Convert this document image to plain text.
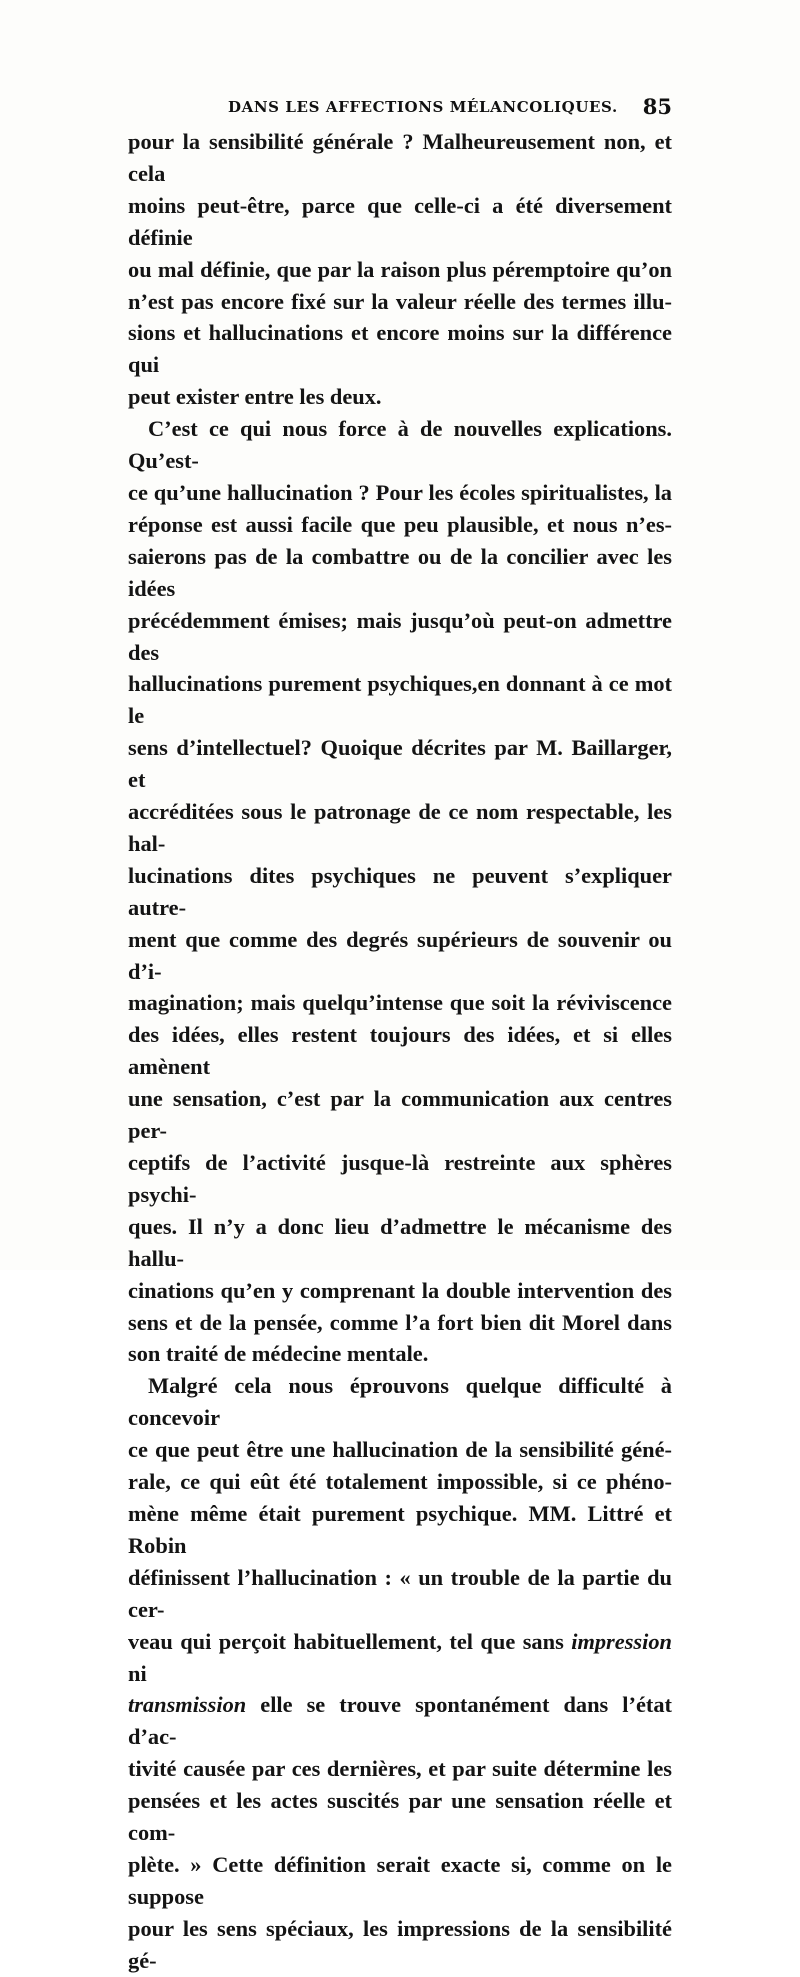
DANS LES AFFECTIONS MÉLANCOLIQUES. 85

pour la sensibilité générale ? Malheureusement non, et cela

moins peut-être, parce que celle-ci a été diversement définie

ou mal définie, que par la raison plus péremptoire qu’on

n’est pas encore fixé sur la valeur réelle des termes illu-

sions et hallucinations et encore moins sur la différence qui

peut exister entre les deux.

C’est ce qui nous force à de nouvelles explications. Qu’est-

ce qu’une hallucination ? Pour les écoles spiritualistes, la

réponse est aussi facile que peu plausible, et nous n’es-

saierons pas de la combattre ou de la concilier avec les idées

précédemment émises; mais jusqu’où peut-on admettre des

hallucinations purement psychiques,en donnant à ce mot le

sens d’intellectuel? Quoique décrites par M. Baillarger, et

accréditées sous le patronage de ce nom respectable, les hal-

lucinations dites psychiques ne peuvent s’expliquer autre-

ment que comme des degrés supérieurs de souvenir ou d’i-

magination; mais quelqu’intense que soit la réviviscence

des idées, elles restent toujours des idées, et si elles amènent

une sensation, c’est par la communication aux centres per-

ceptifs de l’activité jusque-là restreinte aux sphères psychi-

ques. Il n’y a donc lieu d’admettre le mécanisme des hallu-

cinations qu’en y comprenant la double intervention des

sens et de la pensée, comme l’a fort bien dit Morel dans

son traité de médecine mentale.

Malgré cela nous éprouvons quelque difficulté à concevoir

ce que peut être une hallucination de la sensibilité géné-

rale, ce qui eût été totalement impossible, si ce phéno-

mène même était purement psychique. MM. Littré et Robin

définissent l’hallucination : « un trouble de la partie du cer-

veau qui perçoit habituellement, tel que sans impression ni

transmission elle se trouve spontanément dans l’état d’ac-

tivité causée par ces dernières, et par suite détermine les

pensées et les actes suscités par une sensation réelle et com-

plète. » Cette définition serait exacte si, comme on le suppose

pour les sens spéciaux, les impressions de la sensibilité gé-
